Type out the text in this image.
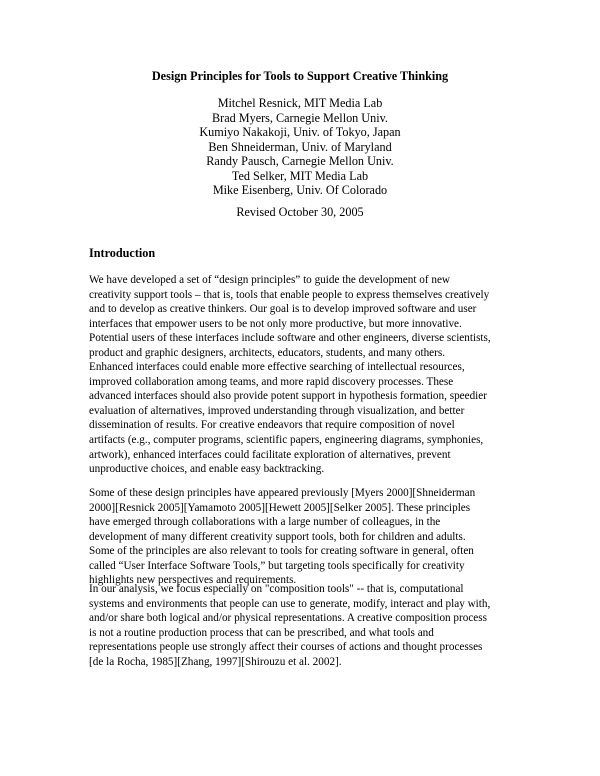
Design Principles for Tools to Support Creative Thinking
Mitchel Resnick, MIT Media Lab
Brad Myers, Carnegie Mellon Univ.
Kumiyo Nakakoji, Univ. of Tokyo, Japan
Ben Shneiderman, Univ. of Maryland
Randy Pausch, Carnegie Mellon Univ.
Ted Selker, MIT Media Lab
Mike Eisenberg, Univ. Of Colorado
Revised October 30, 2005
Introduction
We have developed a set of “design principles” to guide the development of new
creativity support tools – that is, tools that enable people to express themselves creatively
and to develop as creative thinkers. Our goal is to develop improved software and user
interfaces that empower users to be not only more productive, but more innovative.
Potential users of these interfaces include software and other engineers, diverse scientists,
product and graphic designers, architects, educators, students, and many others.
Enhanced interfaces could enable more effective searching of intellectual resources,
improved collaboration among teams, and more rapid discovery processes. These
advanced interfaces should also provide potent support in hypothesis formation, speedier
evaluation of alternatives, improved understanding through visualization, and better
dissemination of results. For creative endeavors that require composition of novel
artifacts (e.g., computer programs, scientific papers, engineering diagrams, symphonies,
artwork), enhanced interfaces could facilitate exploration of alternatives, prevent
unproductive choices, and enable easy backtracking.
Some of these design principles have appeared previously [Myers 2000][Shneiderman
2000][Resnick 2005][Yamamoto 2005][Hewett 2005][Selker 2005]. These principles
have emerged through collaborations with a large number of colleagues, in the
development of many different creativity support tools, both for children and adults.
Some of the principles are also relevant to tools for creating software in general, often
called “User Interface Software Tools,” but targeting tools specifically for creativity
highlights new perspectives and requirements.
In our analysis, we focus especially on "composition tools" -- that is, computational
systems and environments that people can use to generate, modify, interact and play with,
and/or share both logical and/or physical representations. A creative composition process
is not a routine production process that can be prescribed, and what tools and
representations people use strongly affect their courses of actions and thought processes
[de la Rocha, 1985][Zhang, 1997][Shirouzu et al. 2002].
